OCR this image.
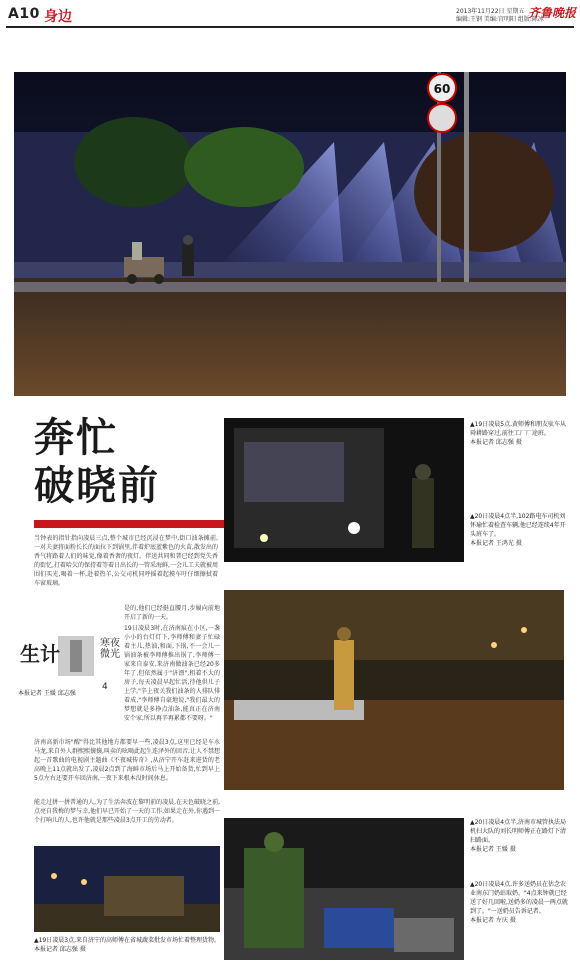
A10 身边	2013年11月22日 星期五
编辑:王钢 美编:宫明阳 组版:陈冰
齐鲁晚报
60
奔忙
破晓前
当钟表的指针指向凌晨三点,整个城市已经沉浸在梦中,街口油条摊前,一对夫妻将面粉长长的面拉下到锅里,伴着炉底蓝紫色的火苗,散发出的香气将路着人们的味觉,像着香奢的夜灯。伴送共同和普已经到党失香的街忆,打着哈欠的保持着等着日出长的一管采海鲜,一会儿工夫就被周围们买光,喝着一杯,赴着热羊,公交司机同呼摇着起摸车吁仔细擦拭着车窗玻璃。
生计	寒夜微光
4
本报记者 王媛 邱志强
是的,他们已经挺直腰月,步履向前地开启了新的一天。
19日凌晨3时,在济南痕在小区,一盏小小的台灯灯下,李师傅和妻子忙碌着主儿,热油,和面,下锅,不一会儿一锅油条被李师傅推出锅了,李师傅一家来自泰安,来济南做油条已经20多年了,但依然属于"济漂",租着不大的房子,每天凌晨早起忙活,待他供儿子上学,"辛上夜关我们油条的人排队排着成,"李师傅自豪地说,"我们最大的梦想就是多挣点油条,能真正在济南安个家,所以再辛再累都不要呀。"
济南高新市场"醒"得比其他地方都要早一些,凌晨3点,这里已经是车水马龙,来自外人群熙熙攘攘,叫卖的吆喝此起生连泽外的回音,让人不禁想起一首歌曲的电视剧主题曲《不夜城传奇》,从济宁开车赶来进货的老高晚上11点就出发了,凌晨2点到了海鲜市场后马上开始备货,忙到早上5点左右还要开车回济南,一夜下来根本没时间休息。
能走过拼一拼普通的人,为了生活奔波在黎明前的凌晨,在天色破晓之前,点亮自我梅的梦与幸,他们早已开始了一天的工作,如果走在外,你遇到一个打响儿的人,也许他就是那些凌晨3点开工的劳动者。
▲19日凌晨3点,来自济宁的高师傅在省城蔬菜批发市场忙着整理货物。 本报记者 邱志强 摄
▲19日凌晨5点,黄师傅和朋友驮车从舜耕路穿过,前往工厂厂途班。
本报记者 邱志强 摄
▲20日凌晨4点半,102路电车司机刘怀瑜忙着检查车辆,他已经连续4年开头班车了。
本报记者 王鸿光 摄
▲20日凌晨4点半,济南市城管执法局机扫大队的刘长明师傅正在路灯下清扫路面。
本报记者 王媛 摄
▲20日凌晨4点,许多送奶员在估念农业南东门奶站取奶。"4点来钟就已经送了好几回啦,送奶多的凌晨一两点就到了。"一送奶员告诉记者。
本报记者 左庆 摄
